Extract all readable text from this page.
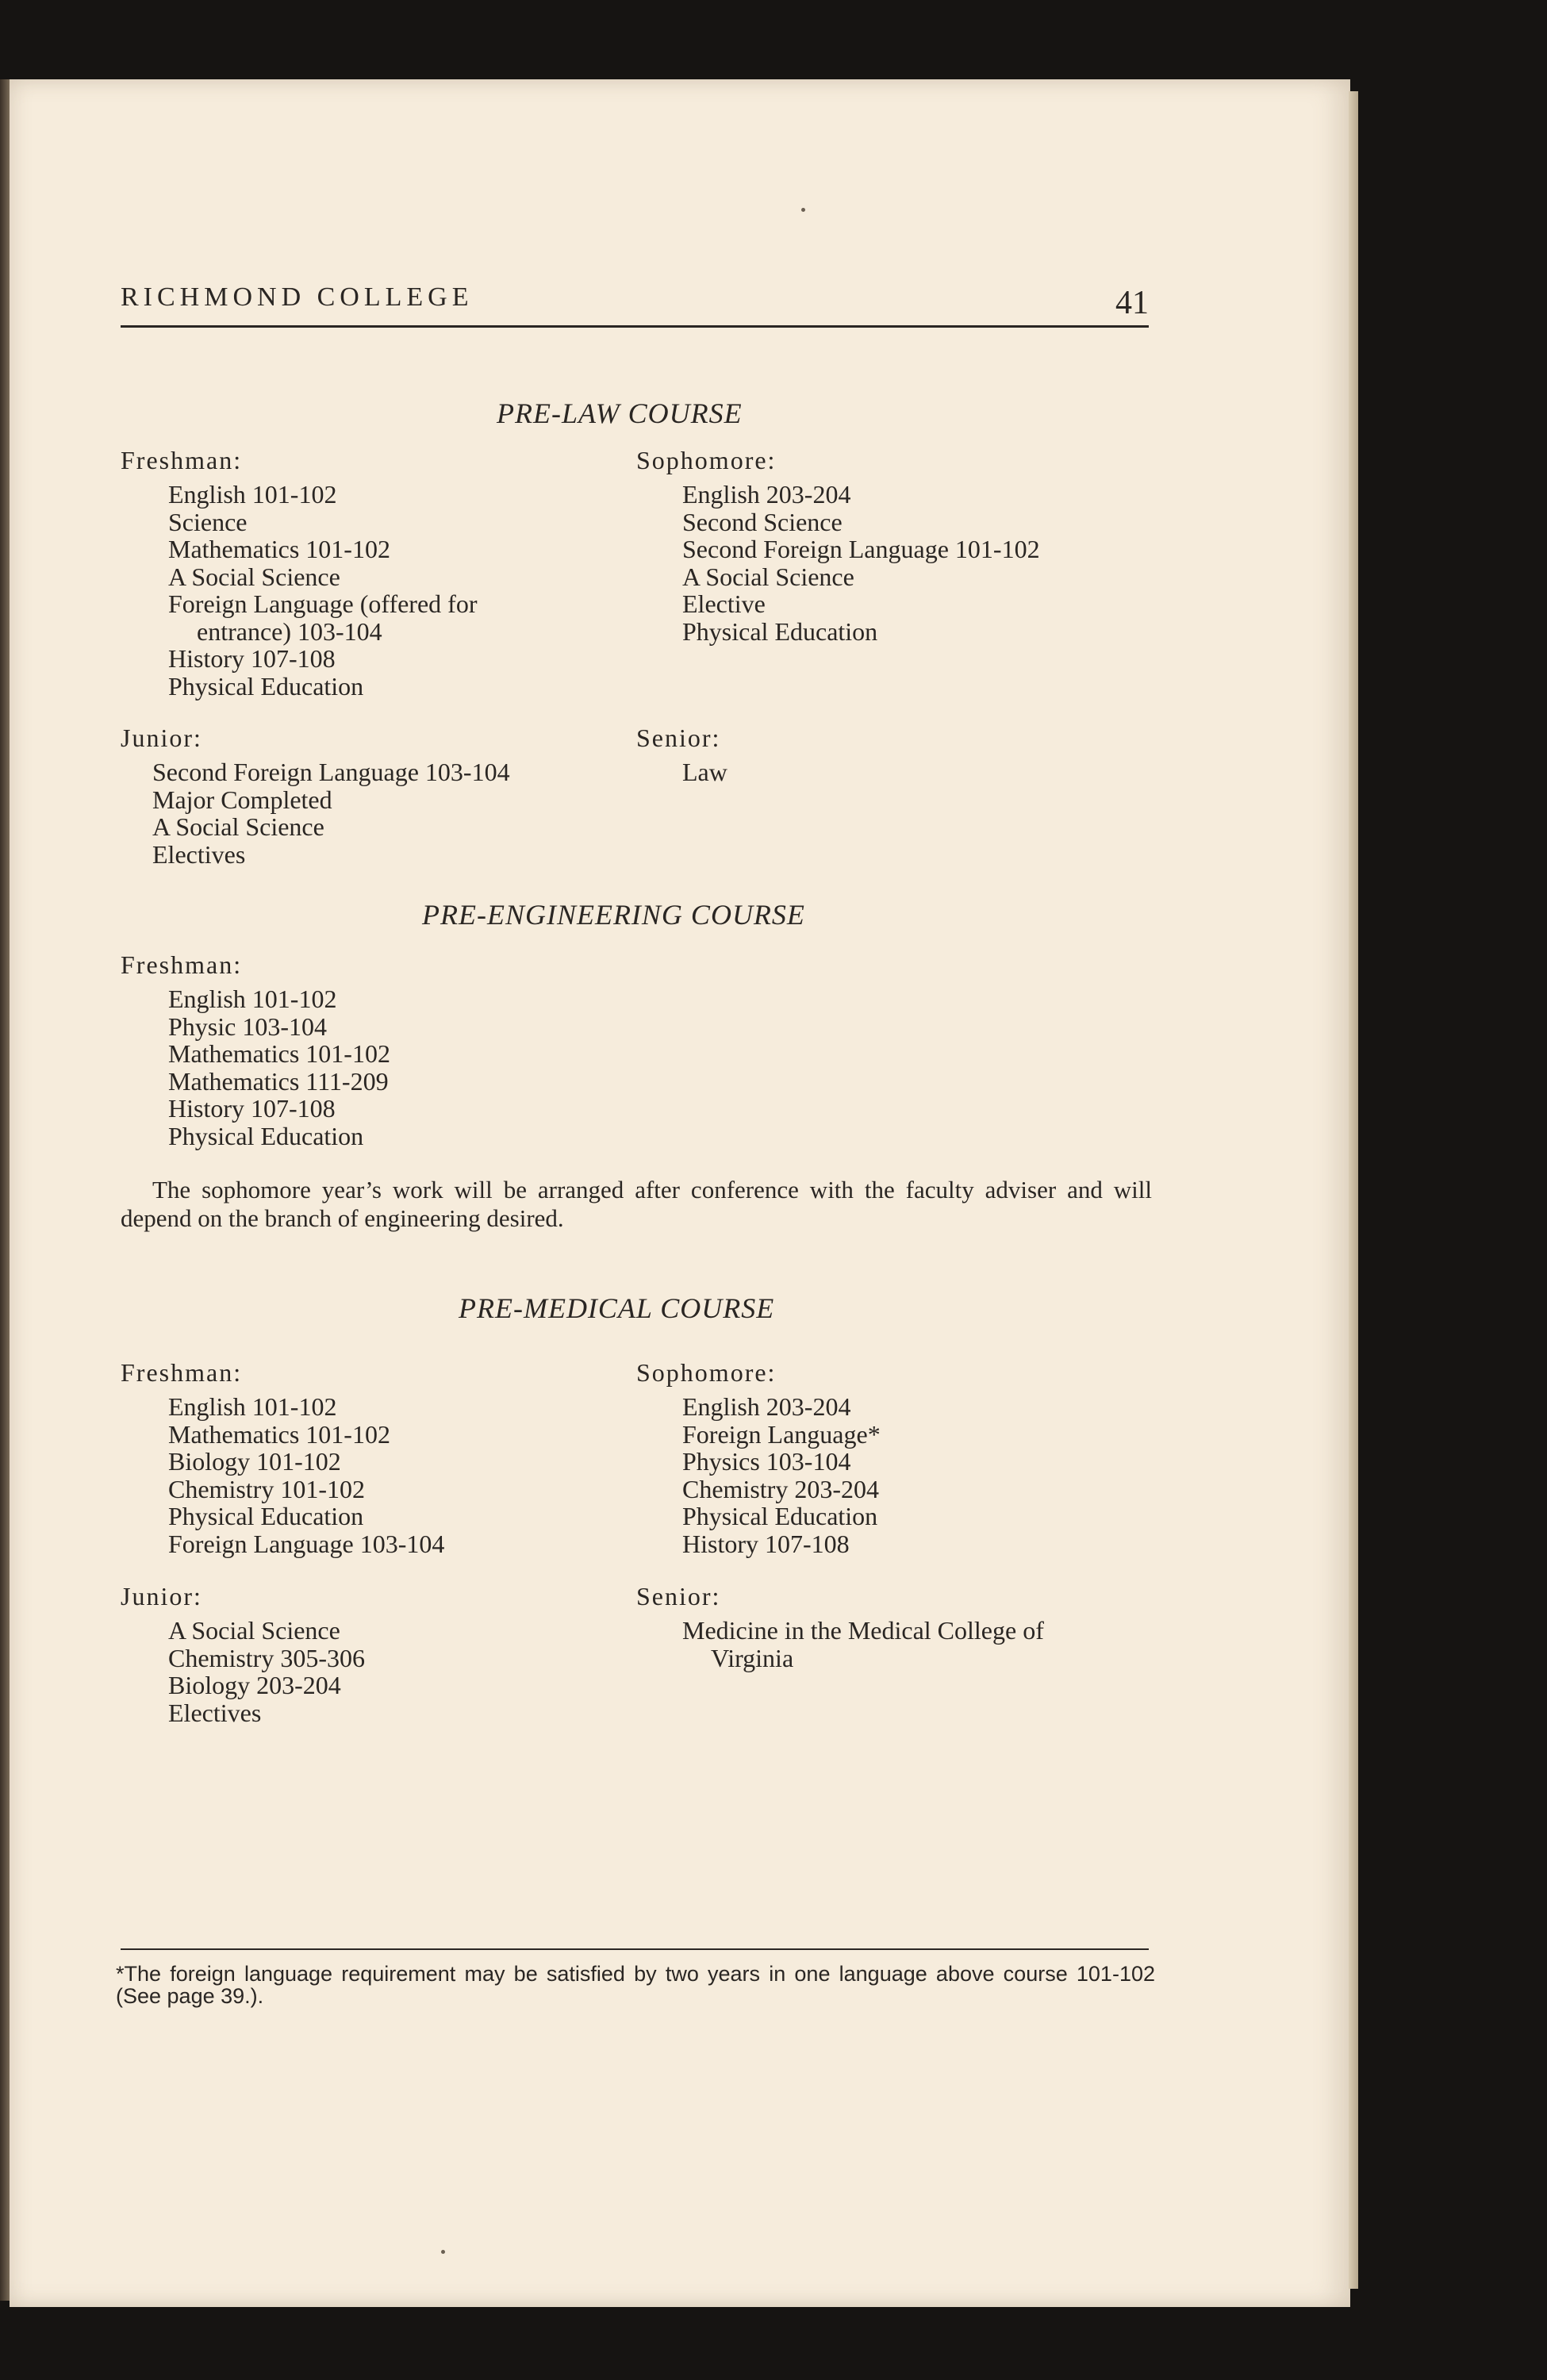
RICHMOND COLLEGE	41
PRE-LAW COURSE
Freshman:
English 101-102
Science
Mathematics 101-102
A Social Science
Foreign Language (offered for
entrance) 103-104
History 107-108
Physical Education
Sophomore:
English 203-204
Second Science
Second Foreign Language 101-102
A Social Science
Elective
Physical Education
Junior:
Second Foreign Language 103-104
Major Completed
A Social Science
Electives
Senior:
Law
PRE-ENGINEERING COURSE
Freshman:
English 101-102
Physic 103-104
Mathematics 101-102
Mathematics 111-209
History 107-108
Physical Education
The sophomore year’s work will be arranged after conference with the faculty adviser and will depend on the branch of engineering desired.
PRE-MEDICAL COURSE
Freshman:
English 101-102
Mathematics 101-102
Biology 101-102
Chemistry 101-102
Physical Education
Foreign Language 103-104
Sophomore:
English 203-204
Foreign Language*
Physics 103-104
Chemistry 203-204
Physical Education
History 107-108
Junior:
A Social Science
Chemistry 305-306
Biology 203-204
Electives
Senior:
Medicine in the Medical College of
Virginia
*The foreign language requirement may be satisfied by two years in one language above course 101-102 (See page 39.).
